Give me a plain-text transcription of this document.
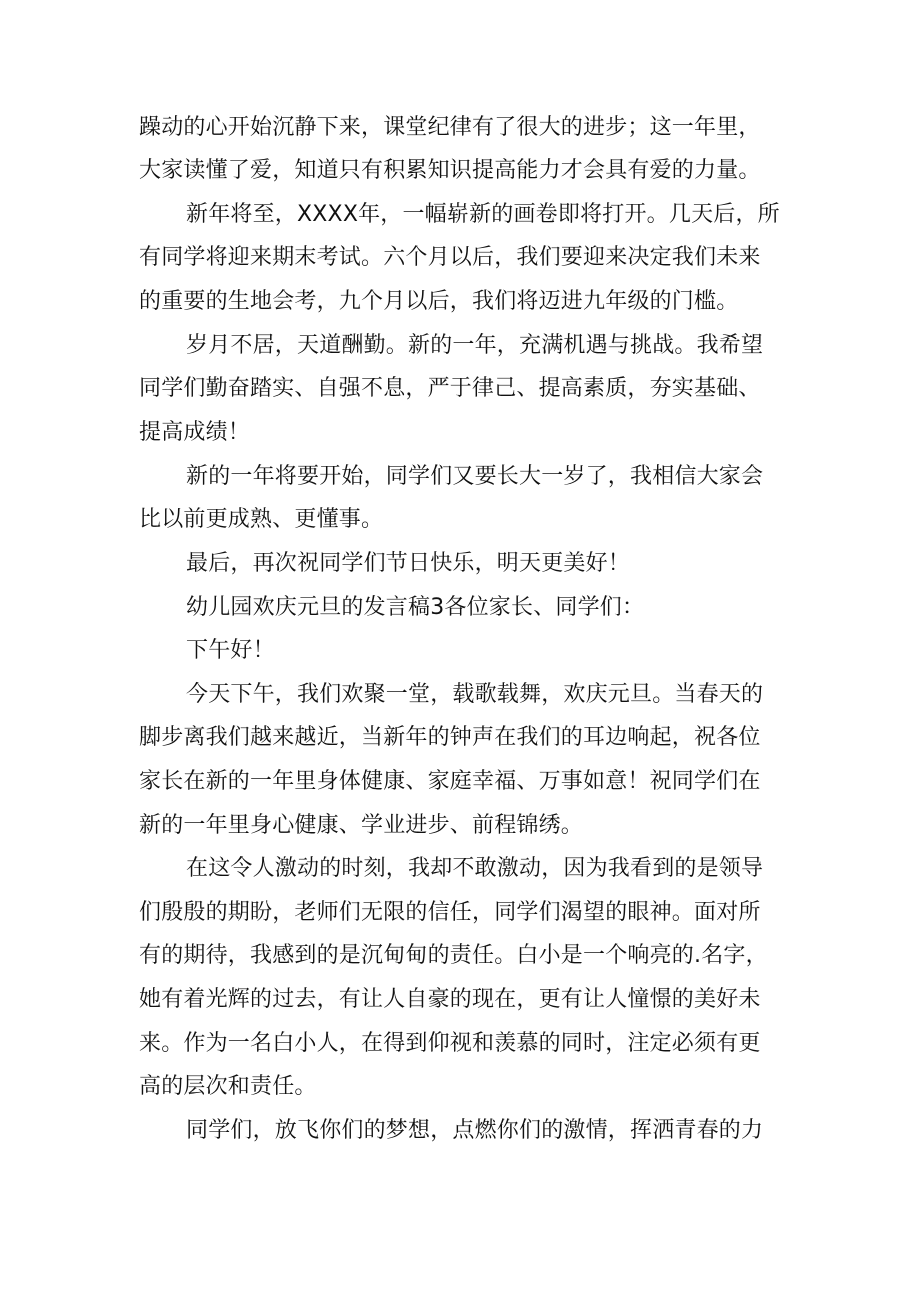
躁动的心开始沉静下来，课堂纪律有了很大的进步；这一年里，
大家读懂了爱，知道只有积累知识提高能力才会具有爱的力量。
新年将至，XXXX年，一幅崭新的画卷即将打开。几天后，所
有同学将迎来期末考试。六个月以后，我们要迎来决定我们未来
的重要的生地会考，九个月以后，我们将迈进九年级的门槛。
岁月不居，天道酬勤。新的一年，充满机遇与挑战。我希望
同学们勤奋踏实、自强不息，严于律己、提高素质，夯实基础、
提高成绩！
新的一年将要开始，同学们又要长大一岁了，我相信大家会
比以前更成熟、更懂事。
最后，再次祝同学们节日快乐，明天更美好！
幼儿园欢庆元旦的发言稿3各位家长、同学们：
下午好！
今天下午，我们欢聚一堂，载歌载舞，欢庆元旦。当春天的
脚步离我们越来越近，当新年的钟声在我们的耳边响起，祝各位
家长在新的一年里身体健康、家庭幸福、万事如意！祝同学们在
新的一年里身心健康、学业进步、前程锦绣。
在这令人激动的时刻，我却不敢激动，因为我看到的是领导
们殷殷的期盼，老师们无限的信任，同学们渴望的眼神。面对所
有的期待，我感到的是沉甸甸的责任。白小是一个响亮的.名字，
她有着光辉的过去，有让人自豪的现在，更有让人憧憬的美好未
来。作为一名白小人，在得到仰视和羡慕的同时，注定必须有更
高的层次和责任。
同学们，放飞你们的梦想，点燃你们的激情，挥洒青春的力
